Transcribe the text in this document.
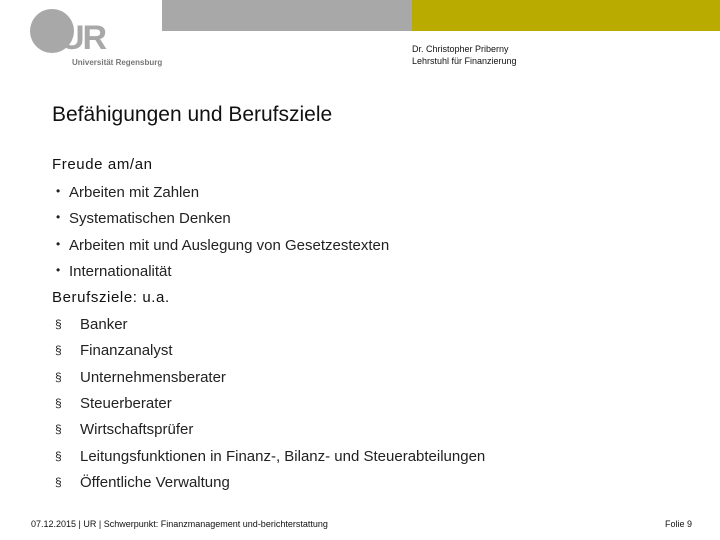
UR
Universität Regensburg
Dr. Christopher Priberny
Lehrstuhl für Finanzierung
Befähigungen und Berufsziele
Freude am/an
• Arbeiten mit Zahlen
• Systematischen Denken
• Arbeiten mit und Auslegung von Gesetzestexten
• Internationalität
Berufsziele: u.a.
§ Banker
§ Finanzanalyst
§ Unternehmensberater
§ Steuerberater
§ Wirtschaftsprüfer
§ Leitungsfunktionen in Finanz-, Bilanz- und Steuerabteilungen
§ Öffentliche Verwaltung
07.12.2015 | UR | Schwerpunkt: Finanzmanagement und-berichterstattung	Folie 9
